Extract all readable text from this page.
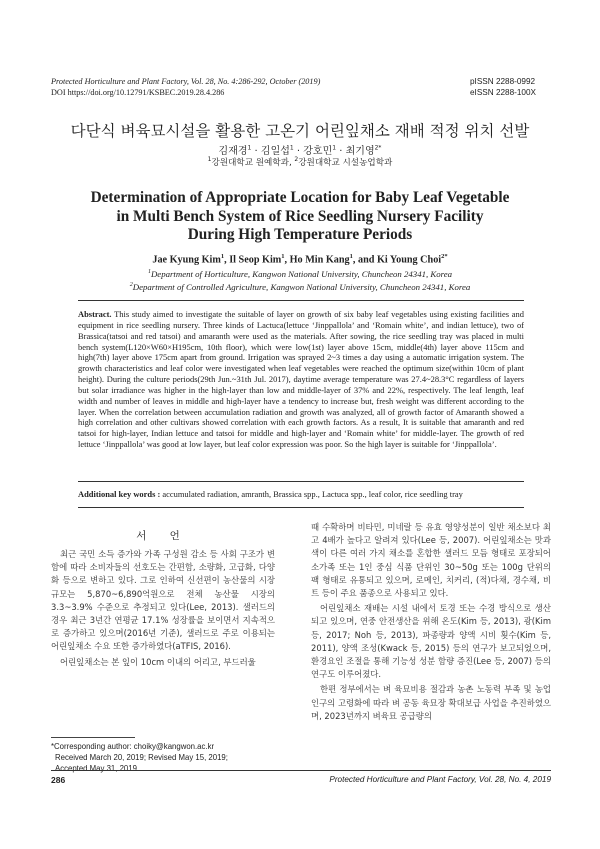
Protected Horticulture and Plant Factory, Vol. 28, No. 4:286-292, October (2019)
DOI https://doi.org/10.12791/KSBEC.2019.28.4.286
pISSN 2288-0992
eISSN 2288-100X
다단식 벼육묘시설을 활용한 고온기 어린잎채소 재배 적정 위치 선발
김재경$^1$ · 김일섭$^1$ · 강호민$^1$ · 최기영$^{2*}$
$^1$강원대학교 원예학과, $^2$강원대학교 시설농업학과
Determination of Appropriate Location for Baby Leaf Vegetable
in Multi Bench System of Rice Seedling Nursery Facility
During High Temperature Periods
Jae Kyung Kim$^1$, Il Seop Kim$^1$, Ho Min Kang$^1$, and Ki Young Choi$^{2*}$
$^1$Department of Horticulture, Kangwon National University, Chuncheon 24341, Korea
$^2$Department of Controlled Agriculture, Kangwon National University, Chuncheon 24341, Korea
Abstract. This study aimed to investigate the suitable of layer on growth of six baby leaf vegetables using existing facilities and equipment in rice seedling nursery. Three kinds of Lactuca(lettuce ‘Jinppallola’ and ‘Romain white’, and indian lettuce), two of Brassica(tatsoi and red tatsoi) and amaranth were used as the materials. After sowing, the rice seedling tray was placed in multi bench system(L120×W60×H195cm, 10th floor), which were low(1st) layer above 15cm, middle(4th) layer above 115cm and high(7th) layer above 175cm apart from ground. Irrigation was sprayed 2~3 times a day using a automatic irrigation system. The growth characteristics and leaf color were investigated when leaf vegetables were reached the optimum size(within 10cm of plant height). During the culture periods(29th Jun.~31th Jul. 2017), daytime average temperature was 27.4~28.3°C regardless of layers but solar irradiance was higher in the high-layer than low and middle-layer of 37% and 22%, respectively. The leaf length, leaf width and number of leaves in middle and high-layer have a tendency to increase but, fresh weight was different according to the layer. When the correlation between accumulation radiation and growth was analyzed, all of growth factor of Amaranth showed a high correlation and other cultivars showed correlation with each growth factors. As a result, It is suitable that amaranth and red tatsoi for high-layer, Indian lettuce and tatsoi for middle and high-layer and ‘Romain white’ for middle-layer. The growth of red lettuce ‘Jinppallola’ was good at low layer, but leaf color expression was poor. So the high layer is suitable for ‘Jinppallola’.
Additional key words : accumulated radiation, amranth, Brassica spp., Lactuca spp., leaf color, rice seedling tray
서 언

최근 국민 소득 증가와 가족 구성원 감소 등 사회 구조가 변함에 따라 소비자들의 선호도는 간편함, 소량화, 고급화, 다양화 등으로 변하고 있다. 그로 인하여 신선편이 농산물의 시장규모는 5,870~6,890억원으로 전체 농산물 시장의 3.3~3.9% 수준으로 추정되고 있다(Lee, 2013). 샐러드의 경우 최근 3년간 연평균 17.1% 성장률을 보이면서 지속적으로 증가하고 있으며(2016년 기준), 샐러드로 주로 이용되는 어린잎채소 수요 또한 증가하였다(aTFIS, 2016).

어린잎채소는 본 잎이 10cm 이내의 어리고, 부드러울

때 수확하며 비타민, 미네랄 등 유효 영양성분이 일반 채소보다 최고 4배가 높다고 알려져 있다(Lee 등, 2007). 어린잎채소는 맛과 색이 다른 여러 가지 채소를 혼합한 샐러드 모듬 형태로 포장되어 소가족 또는 1인 중심 식품 단위인 30~50g 또는 100g 단위의 팩 형태로 유통되고 있으며, 로메인, 치커리, (적)다채, 경수채, 비트 등이 주요 품종으로 사용되고 있다.

어린잎채소 재배는 시설 내에서 토경 또는 수경 방식으로 생산되고 있으며, 연중 안전생산을 위해 온도(Kim 등, 2013), 광(Kim 등, 2017; Noh 등, 2013), 파종량과 양액 시비 횟수(Kim 등, 2011), 양액 조성(Kwack 등, 2015) 등의 연구가 보고되었으며, 환경요인 조절을 통해 기능성 성분 함량 증진(Lee 등, 2007) 등의 연구도 이루어졌다.

한편 정부에서는 벼 육묘비용 절감과 농촌 노동력 부족 및 농업인구의 고령화에 따라 벼 공동 육묘장 확대보급 사업을 추진하였으며, 2023년까지 벼육묘 공급량의

*Corresponding author: choiky@kangwon.ac.kr
Received March 20, 2019; Revised May 15, 2019;
Accepted May 31, 2019
286	Protected Horticulture and Plant Factory, Vol. 28, No. 4, 2019
